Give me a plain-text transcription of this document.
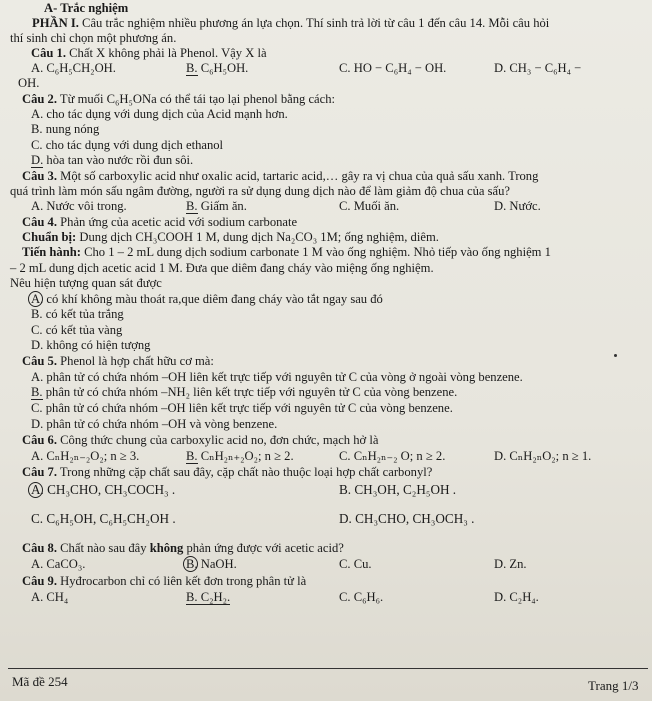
A- Trắc nghiệm
PHẦN I. Câu trắc nghiệm nhiều phương án lựa chọn. Thí sinh trả lời từ câu 1 đến câu 14. Mỗi câu hỏi
thí sinh chỉ chọn một phương án.
Câu 1. Chất X không phải là Phenol. Vậy X là
A. C₆H₅CH₂OH.	B. C₆H₅OH.	C. HO − C₆H₄ − OH.	D. CH₃ − C₆H₄ −
OH.
Câu 2. Từ muối C₆H₅ONa có thể tái tạo lại phenol bằng cách:
A. cho tác dụng với dung dịch của Acid mạnh hơn.
B. nung nóng
C. cho tác dụng với dung dịch ethanol
D. hòa tan vào nước rồi đun sôi.
Câu 3. Một số carboxylic acid như oxalic acid, tartaric acid,… gây ra vị chua của quả sấu xanh. Trong
quá trình làm món sấu ngâm đường, người ra sử dụng dung dịch nào để làm giảm độ chua của sấu?
A. Nước vôi trong.	B. Giấm ăn.	C. Muối ăn.	D. Nước.
Câu 4. Phản ứng của acetic acid với sodium carbonate
Chuẩn bị: Dung dịch CH₃COOH 1 M, dung dịch Na₂CO₃ 1M; ống nghiệm, diêm.
Tiến hành: Cho 1 – 2 mL dung dịch sodium carbonate 1 M vào ống nghiệm. Nhỏ tiếp vào ống nghiệm 1
– 2 mL dung dịch acetic acid 1 M. Đưa que diêm đang cháy vào miệng ống nghiệm.
Nêu hiện tượng quan sát được
A. có khí không màu thoát ra,que diêm đang cháy vào tắt ngay sau đó
B. có kết tủa trắng
C. có kết tủa vàng
D. không có hiện tượng
Câu 5. Phenol là hợp chất hữu cơ mà:
A. phân tử có chứa nhóm –OH liên kết trực tiếp với nguyên tử C của vòng ở ngoài vòng benzene.
B. phân tử có chứa nhóm –NH₂ liên kết trực tiếp với nguyên tử C của vòng benzene.
C. phân tử có chứa nhóm –OH liên kết trực tiếp với nguyên tử C của vòng benzene.
D. phân tử có chứa nhóm –OH và vòng benzene.
Câu 6. Công thức chung của carboxylic acid no, đơn chức, mạch hở là
A. CₙH₂ₙ₋₂O₂; n ≥ 3.	B. CₙH₂ₙ₊₂O₂; n ≥ 2.	C. CₙH₂ₙ₋₂ O; n ≥ 2.	D. CₙH₂ₙO₂; n ≥ 1.
Câu 7. Trong những cặp chất sau đây, cặp chất nào thuộc loại hợp chất carbonyl?
A. CH₃CHO, CH₃COCH₃ .	B. CH₃OH, C₂H₅OH .
C. C₆H₅OH, C₆H₅CH₂OH .	D. CH₃CHO, CH₃OCH₃ .
Câu 8. Chất nào sau đây không phản ứng được với acetic acid?
A. CaCO₃.	B. NaOH.	C. Cu.	D. Zn.
Câu 9. Hyđrocarbon chỉ có liên kết đơn trong phân tử là
A. CH₄	B. C₂H₂.	C. C₆H₆.	D. C₂H₄.
Mã đề 254	Trang 1/3
